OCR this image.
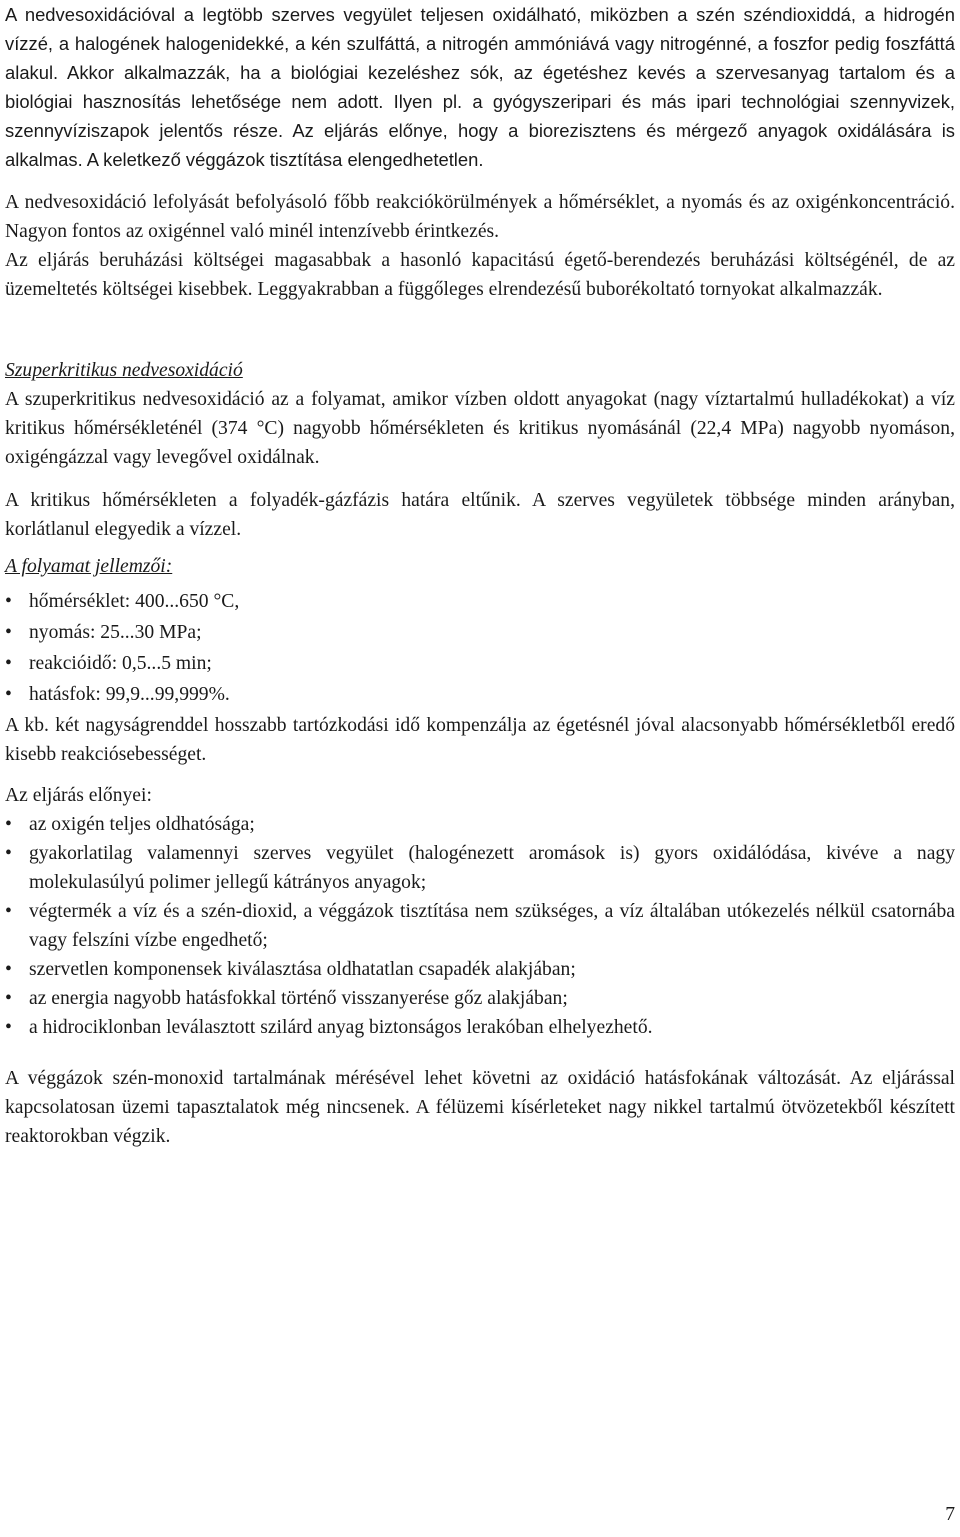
A nedvesoxidációval a legtöbb szerves vegyület teljesen oxidálható, miközben a szén széndioxiddá, a hidrogén vízzé, a halogének halogenidekké, a kén szulfáttá, a nitrogén ammóniává vagy nitrogénné, a foszfor pedig foszfáttá alakul. Akkor alkalmazzák, ha a biológiai kezeléshez sók, az égetéshez kevés a szervesanyag tartalom és a biológiai hasznosítás lehetősége nem adott. Ilyen pl. a gyógyszeripari és más ipari technológiai szennyvizek, szennyvíziszapok jelentős része. Az eljárás előnye, hogy a biorezisztens és mérgező anyagok oxidálására is alkalmas. A keletkező véggázok tisztítása elengedhetetlen.

A nedvesoxidáció lefolyását befolyásoló főbb reakciókörülmények a hőmérséklet, a nyomás és az oxigénkoncentráció. Nagyon fontos az oxigénnel való minél intenzívebb érintkezés.

Az eljárás beruházási költségei magasabbak a hasonló kapacitású égető-berendezés beruházási költségénél, de az üzemeltetés költségei kisebbek. Leggyakrabban a függőleges elrendezésű buborékoltató tornyokat alkalmazzák.

Szuperkritikus nedvesoxidáció

A szuperkritikus nedvesoxidáció az a folyamat, amikor vízben oldott anyagokat (nagy víztartalmú hulladékokat) a víz kritikus hőmérsékleténél (374 °C) nagyobb hőmérsékleten és kritikus nyomásánál (22,4 MPa) nagyobb nyomáson, oxigéngázzal vagy levegővel oxidálnak.

A kritikus hőmérsékleten a folyadék-gázfázis határa eltűnik. A szerves vegyületek többsége minden arányban, korlátlanul elegyedik a vízzel.

A folyamat jellemzői:

• hőmérséklet: 400...650 °C,
• nyomás: 25...30 MPa;
• reakcióidő: 0,5...5 min;
• hatásfok: 99,9...99,999%.

A kb. két nagyságrenddel hosszabb tartózkodási idő kompenzálja az égetésnél jóval alacsonyabb hőmérsékletből eredő kisebb reakciósebességet.

Az eljárás előnyei:

• az oxigén teljes oldhatósága;
• gyakorlatilag valamennyi szerves vegyület (halogénezett aromások is) gyors oxidálódása, kivéve a nagy molekulasúlyú polimer jellegű kátrányos anyagok;
• végtermék a víz és a szén-dioxid, a véggázok tisztítása nem szükséges, a víz általában utókezelés nélkül csatornába vagy felszíni vízbe engedhető;
• szervetlen komponensek kiválasztása oldhatatlan csapadék alakjában;
• az energia nagyobb hatásfokkal történő visszanyerése gőz alakjában;
• a hidrociklonban leválasztott szilárd anyag biztonságos lerakóban elhelyezhető.

A véggázok szén-monoxid tartalmának mérésével lehet követni az oxidáció hatásfokának változását. Az eljárással kapcsolatosan üzemi tapasztalatok még nincsenek. A félüzemi kísérleteket nagy nikkel tartalmú ötvözetekből készített reaktorokban végzik.

7
